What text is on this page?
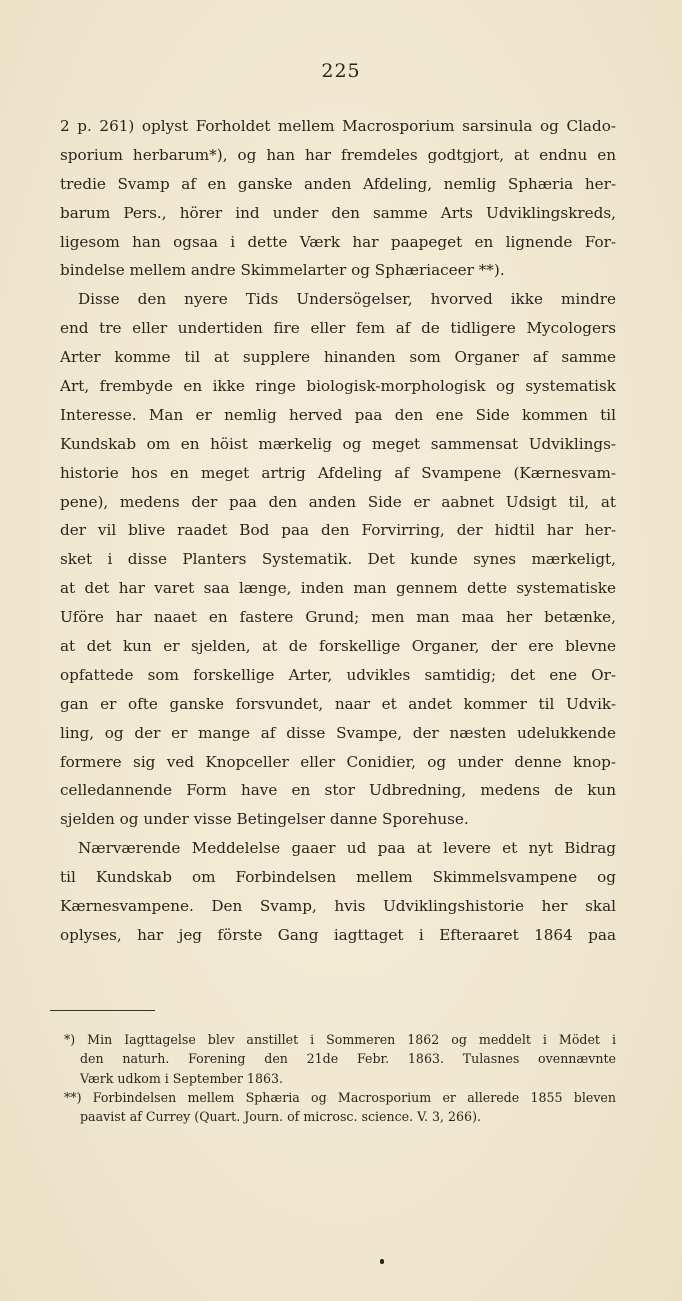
225
2 p. 261) oplyst Forholdet mellem Macrosporium sarsinula og Clado-
sporium herbarum*), og han har fremdeles godtgjort, at endnu en
tredie Svamp af en ganske anden Afdeling, nemlig Sphæria her-
barum Pers., hörer ind under den samme Arts Udviklingskreds,
ligesom han ogsaa i dette Værk har paapeget en lignende For-
bindelse mellem andre Skimmelarter og Sphæriaceer **).
Disse den nyere Tids Undersögelser, hvorved ikke mindre
end tre eller undertiden fire eller fem af de tidligere Mycologers
Arter komme til at supplere hinanden som Organer af samme
Art, frembyde en ikke ringe biologisk-morphologisk og systematisk
Interesse. Man er nemlig herved paa den ene Side kommen til
Kundskab om en höist mærkelig og meget sammensat Udviklings-
historie hos en meget artrig Afdeling af Svampene (Kærnesvam-
pene), medens der paa den anden Side er aabnet Udsigt til, at
der vil blive raadet Bod paa den Forvirring, der hidtil har her-
sket i disse Planters Systematik. Det kunde synes mærkeligt,
at det har varet saa længe, inden man gennem dette systematiske
Uföre har naaet en fastere Grund; men man maa her betænke,
at det kun er sjelden, at de forskellige Organer, der ere blevne
opfattede som forskellige Arter, udvikles samtidig; det ene Or-
gan er ofte ganske forsvundet, naar et andet kommer til Udvik-
ling, og der er mange af disse Svampe, der næsten udelukkende
formere sig ved Knopceller eller Conidier, og under denne knop-
celledannende Form have en stor Udbredning, medens de kun
sjelden og under visse Betingelser danne Sporehuse.
Nærværende Meddelelse gaaer ud paa at levere et nyt Bidrag
til Kundskab om Forbindelsen mellem Skimmelsvampene og
Kærnesvampene. Den Svamp, hvis Udviklingshistorie her skal
oplyses, har jeg förste Gang iagttaget i Efteraaret 1864 paa
*) Min Iagttagelse blev anstillet i Sommeren 1862 og meddelt i Mödet i
den naturh. Forening den 21de Febr. 1863. Tulasnes ovennævnte
Værk udkom i September 1863.
**) Forbindelsen mellem Sphæria og Macrosporium er allerede 1855 bleven
paavist af Currey (Quart. Journ. of microsc. science. V. 3, 266).
